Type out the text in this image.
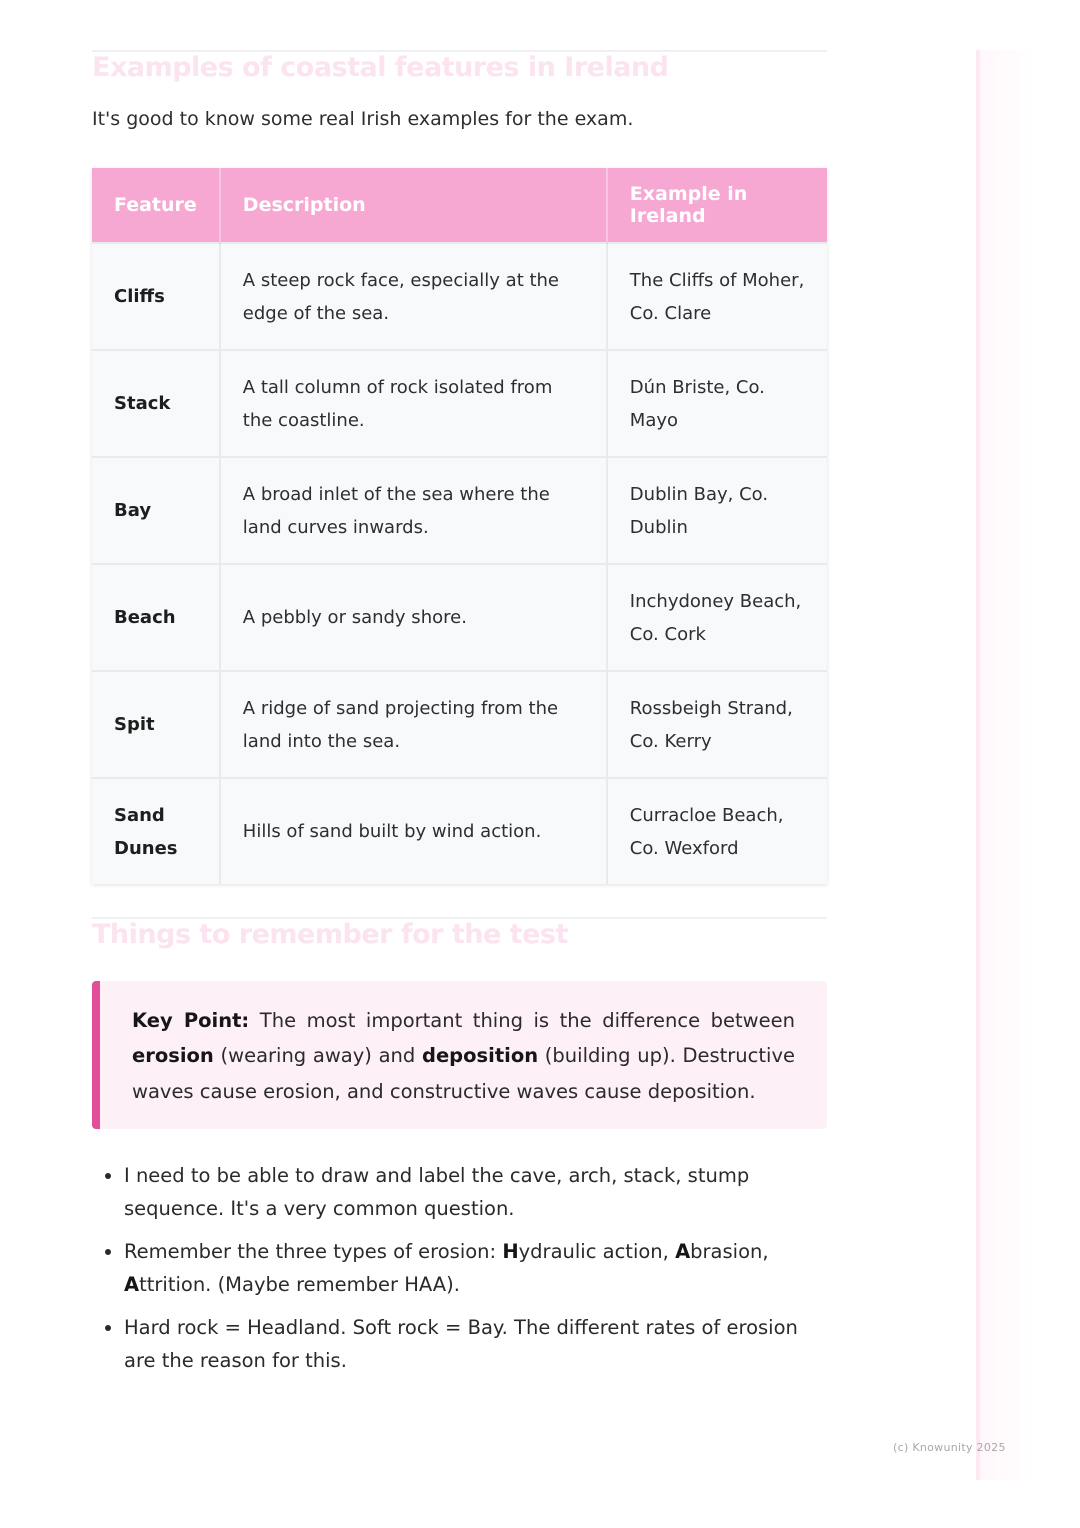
Examples of coastal features in Ireland

It's good to know some real Irish examples for the exam.

Feature	Description	Example in Ireland
Cliffs	A steep rock face, especially at the edge of the sea.	The Cliffs of Moher, Co. Clare
Stack	A tall column of rock isolated from the coastline.	Dún Briste, Co. Mayo
Bay	A broad inlet of the sea where the land curves inwards.	Dublin Bay, Co. Dublin
Beach	A pebbly or sandy shore.	Inchydoney Beach, Co. Cork
Spit	A ridge of sand projecting from the land into the sea.	Rossbeigh Strand, Co. Kerry
Sand Dunes	Hills of sand built by wind action.	Curracloe Beach, Co. Wexford
Things to remember for the test
Key Point: The most important thing is the difference between erosion (wearing away) and deposition (building up). Destructive waves cause erosion, and constructive waves cause deposition.
• I need to be able to draw and label the cave, arch, stack, stump sequence. It's a very common question.
• Remember the three types of erosion: Hydraulic action, Abrasion, Attrition. (Maybe remember HAA).
• Hard rock = Headland. Soft rock = Bay. The different rates of erosion are the reason for this.
(c) Knowunity 2025
